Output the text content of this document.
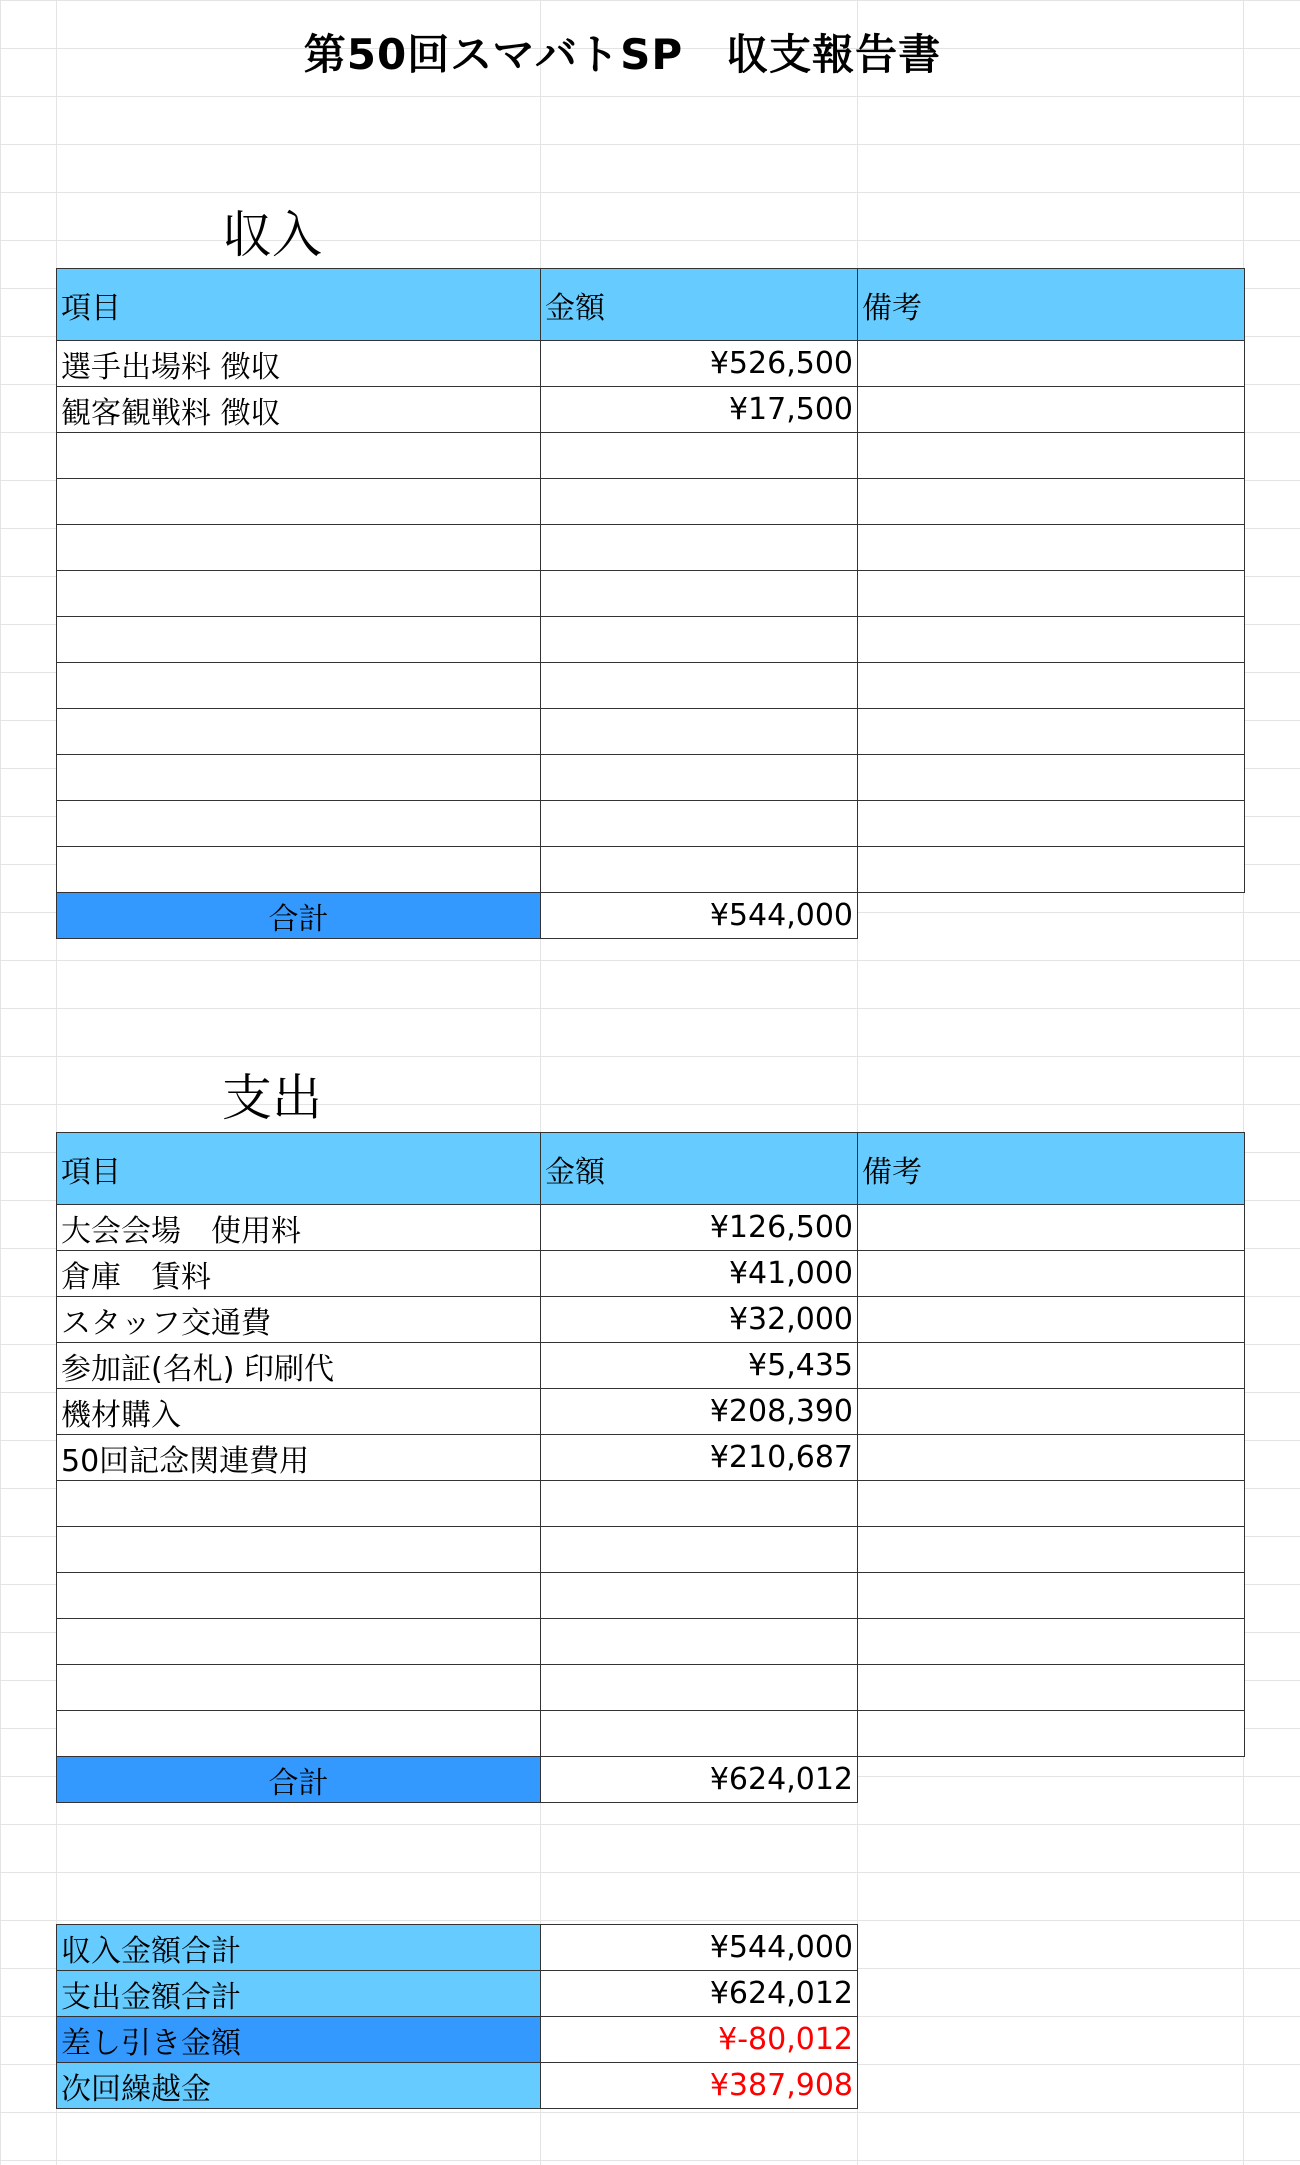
第50回スマバトSP　収支報告書
収入
項目	金額	備考
選手出場料 徴収	¥526,500	
観客観戦料 徴収	¥17,500	

合計	¥544,000	
支出
項目	金額	備考
大会会場　使用料	¥126,500	
倉庫　賃料	¥41,000	
スタッフ交通費	¥32,000	
参加証(名札) 印刷代	¥5,435	
機材購入	¥208,390	
50回記念関連費用	¥210,687	

合計	¥624,012	
収入金額合計	¥544,000
支出金額合計	¥624,012
差し引き金額	¥-80,012
次回繰越金	¥387,908
